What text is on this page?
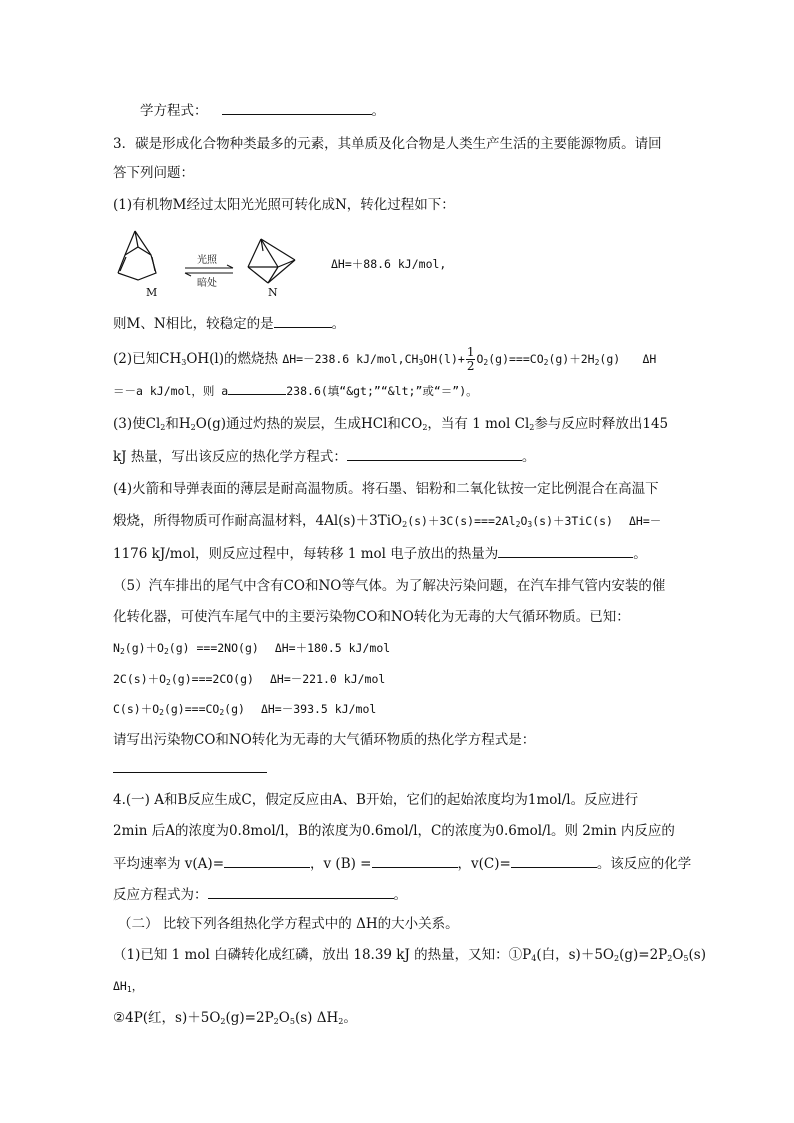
学方程式：	。
3．碳是形成化合物种类最多的元素，其单质及化合物是人类生产生活的主要能源物质。请回
答下列问题：
(1)有机物M经过太阳光光照可转化成N，转化过程如下：
M
光照
暗处
N
ΔH=＋88.6 kJ/mol,
则M、N相比，较稳定的是	。
(2)已知$CH_3OH(l)$的燃烧热 ΔH=－238.6 $kJ/mol,CH_3OH(l)+ \frac{1}{2} O_2(g)===CO_2(g)+2H_2(g)$ ΔH
＝－a kJ/mol，则 a	238.6(填“&gt;”“&lt;”或“＝”)。
(3)使$Cl_2$和$H_2O(g)$通过灼热的炭层，生成HCl和$CO_2$，当有 1 mol $Cl_2$参与反应时释放出145
kJ 热量，写出该反应的热化学方程式：	。
(4)火箭和导弹表面的薄层是耐高温物质。将石墨、铝粉和二氧化钛按一定比例混合在高温下
煅烧，所得物质可作耐高温材料，$4Al(s)+3TiO_2(s)+3C(s)===2Al_2O_3(s)+3TiC(s)$ ΔH=－
1176 kJ/mol，则反应过程中，每转移 1 mol 电子放出的热量为	。
（5）汽车排出的尾气中含有CO和NO等气体。为了解决污染问题，在汽车排气管内安装的催
化转化器，可使汽车尾气中的主要污染物CO和NO转化为无毒的大气循环物质。已知：
$N_2(g)+O_2(g) ===2NO(g)$ ΔH=＋180.5 kJ/mol
$2C(s)+O_2(g)===2CO(g)$ ΔH=－221.0 kJ/mol
$C(s)+O_2(g)===CO_2(g)$ ΔH=－393.5 kJ/mol
请写出污染物CO和NO转化为无毒的大气循环物质的热化学方程式是：
4.(一) A和B反应生成C，假定反应由A、B开始，它们的起始浓度均为1mol/l。反应进行
2min 后A的浓度为0.8mol/l，B的浓度为0.6mol/l，C的浓度为0.6mol/l。则 2min 内反应的
平均速率为 v(A)=	，v (B) =	，v(C)=	。该反应的化学
反应方程式为：	。
（二） 比较下列各组热化学方程式中的 ΔH的大小关系。
（1)已知 1 mol 白磷转化成红磷，放出 18.39 kJ 的热量，又知：$①P_4$(白，$s)+5O_2(g)=2P_2O_5(s)$
$\Delta H_1$，
②4P(红，$s)+5O_2(g)=2P_2O_5(s)$ $\Delta H_2$。
